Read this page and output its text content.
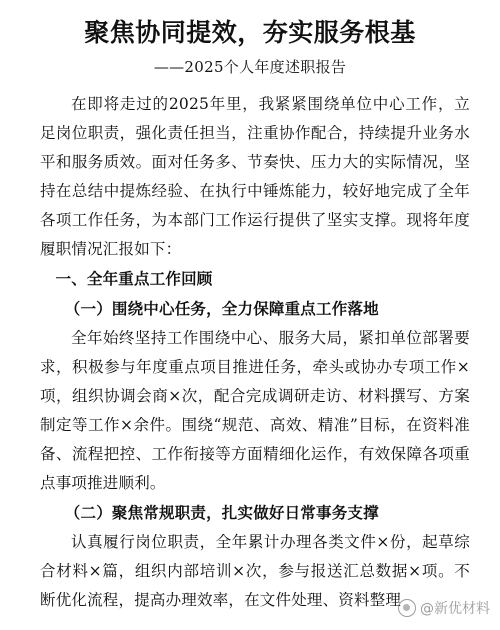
聚焦协同提效，夯实服务根基
——2025个人年度述职报告

在即将走过的2025年里，我紧紧围绕单位中心工作，立足岗位职责，强化责任担当，注重协作配合，持续提升业务水平和服务质效。面对任务多、节奏快、压力大的实际情况，坚持在总结中提炼经验、在执行中锤炼能力，较好地完成了全年各项工作任务，为本部门工作运行提供了坚实支撑。现将年度履职情况汇报如下：

一、全年重点工作回顾
（一）围绕中心任务，全力保障重点工作落地

全年始终坚持工作围绕中心、服务大局，紧扣单位部署要求，积极参与年度重点项目推进任务，牵头或协办专项工作×项，组织协调会商×次，配合完成调研走访、材料撰写、方案制定等工作×余件。围绕“规范、高效、精准”目标，在资料准备、流程把控、工作衔接等方面精细化运作，有效保障各项重点事项推进顺利。

（二）聚焦常规职责，扎实做好日常事务支撑

认真履行岗位职责，全年累计办理各类文件×份，起草综合材料×篇，组织内部培训×次，参与报送汇总数据×项。不断优化流程，提高办理效率，在文件处理、资料整理	@新优材料
